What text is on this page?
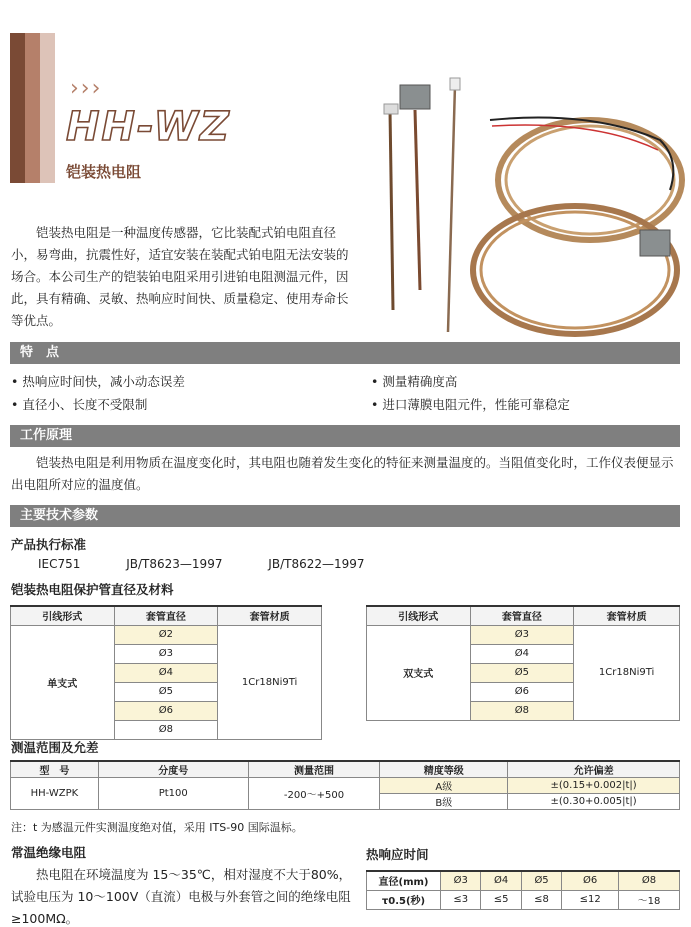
›››
HH-WZ
铠装热电阻
铠装热电阻是一种温度传感器，它比装配式铂电阻直径小，易弯曲，抗震性好，适宜安装在装配式铂电阻无法安装的场合。本公司生产的铠装铂电阻采用引进铂电阻测温元件，因此，具有精确、灵敏、热响应时间快、质量稳定、使用寿命长等优点。
特　点
• 热响应时间快，减小动态误差	• 测量精确度高
• 直径小、长度不受限制	• 进口薄膜电阻元件，性能可靠稳定
工作原理
铠装热电阻是利用物质在温度变化时，其电阻也随着发生变化的特征来测量温度的。当阻值变化时，工作仪表便显示出电阻所对应的温度值。
主要技术参数
产品执行标准
IEC751	JB/T8623—1997	JB/T8622—1997
铠装热电阻保护管直径及材料
引线形式	套管直径	套管材质
单支式	Ø2	1Cr18Ni9Ti
	Ø3	
	Ø4	
	Ø5	
	Ø6	
	Ø8	
引线形式	套管直径	套管材质
双支式	Ø3	1Cr18Ni9Ti
	Ø4	
	Ø5	
	Ø6	
	Ø8	
测温范围及允差
型　号	分度号	测量范围	精度等级	允许偏差
HH-WZPK	Pt100	-200～+500	A级	±(0.15+0.002|t|)
			B级	±(0.30+0.005|t|)
注：t 为感温元件实测温度绝对值，采用 ITS-90 国际温标。
常温绝缘电阻
热电阻在环境温度为 15～35℃，相对湿度不大于80%，试验电压为 10～100V（直流）电极与外套管之间的绝缘电阻≥100MΩ。
热响应时间
直径(mm)	Ø3	Ø4	Ø5	Ø6	Ø8
τ0.5(秒)	≤3	≤5	≤8	≤12	～18
